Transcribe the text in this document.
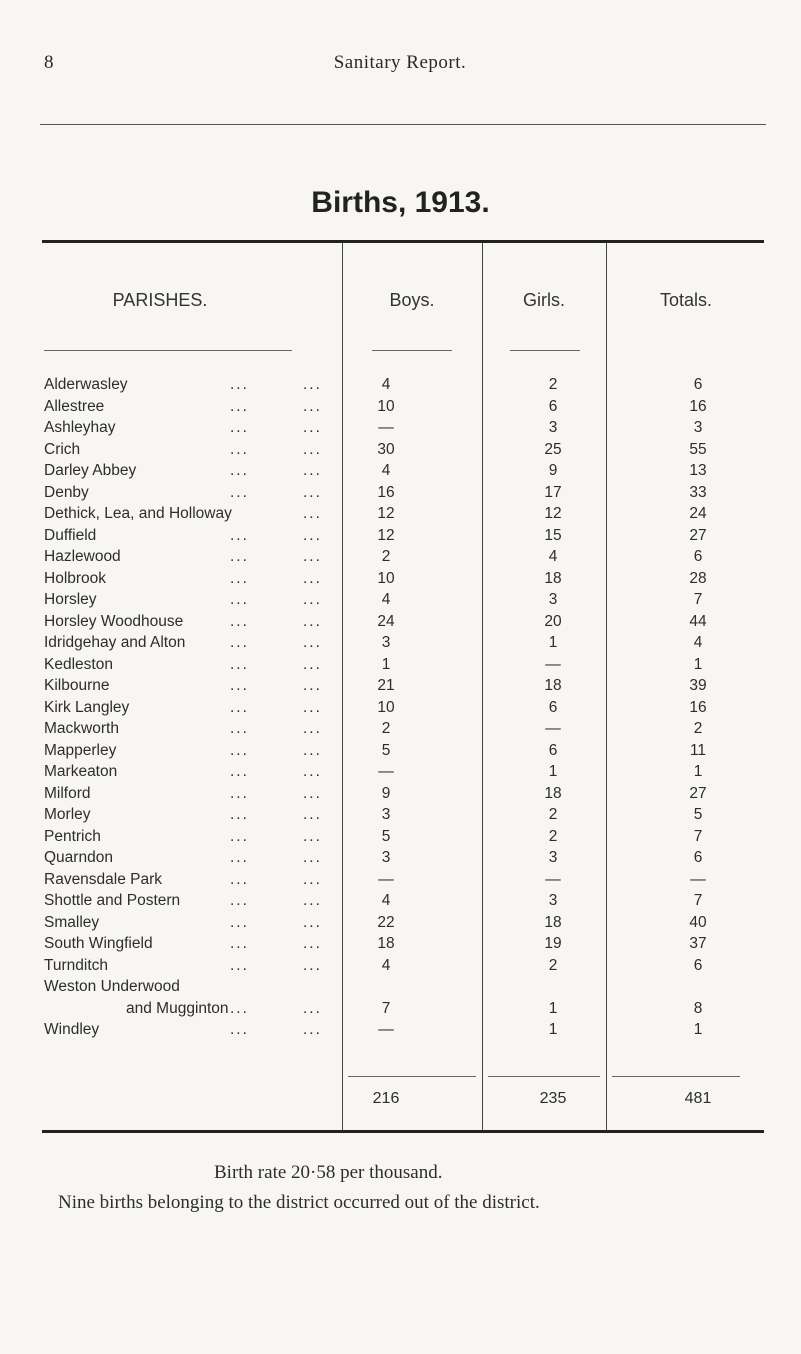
8	Sanitary Report.
Births, 1913.
PARISHES.	Boys.	Girls.	Totals.
Alderwasley	...	...	4	2	6
Allestree	...	...	10	6	16
Ashleyhay	...	...	—	3	3
Crich	...	...	30	25	55
Darley Abbey	...	...	4	9	13
Denby	...	...	16	17	33
Dethick, Lea, and Holloway	...	12	12	24
Duffield	...	...	12	15	27
Hazlewood	...	...	2	4	6
Holbrook	...	...	10	18	28
Horsley	...	...	4	3	7
Horsley Woodhouse	...	...	24	20	44
Idridgehay and Alton	...	...	3	1	4
Kedleston	...	...	1	—	1
Kilbourne	...	...	21	18	39
Kirk Langley	...	...	10	6	16
Mackworth	...	...	2	—	2
Mapperley	...	...	5	6	11
Markeaton	...	...	—	1	1
Milford	...	...	9	18	27
Morley	...	...	3	2	5
Pentrich	...	...	5	2	7
Quarndon	...	...	3	3	6
Ravensdale Park	...	...	—	—	—
Shottle and Postern	...	...	4	3	7
Smalley	...	...	22	18	40
South Wingfield	...	...	18	19	37
Turnditch	...	...	4	2	6
Weston Underwood
and Mugginton ...	...	7	1	8
Windley	...	...	—	1	1
216	235	481
Birth rate 20·58 per thousand.
Nine births belonging to the district occurred out of the district.
